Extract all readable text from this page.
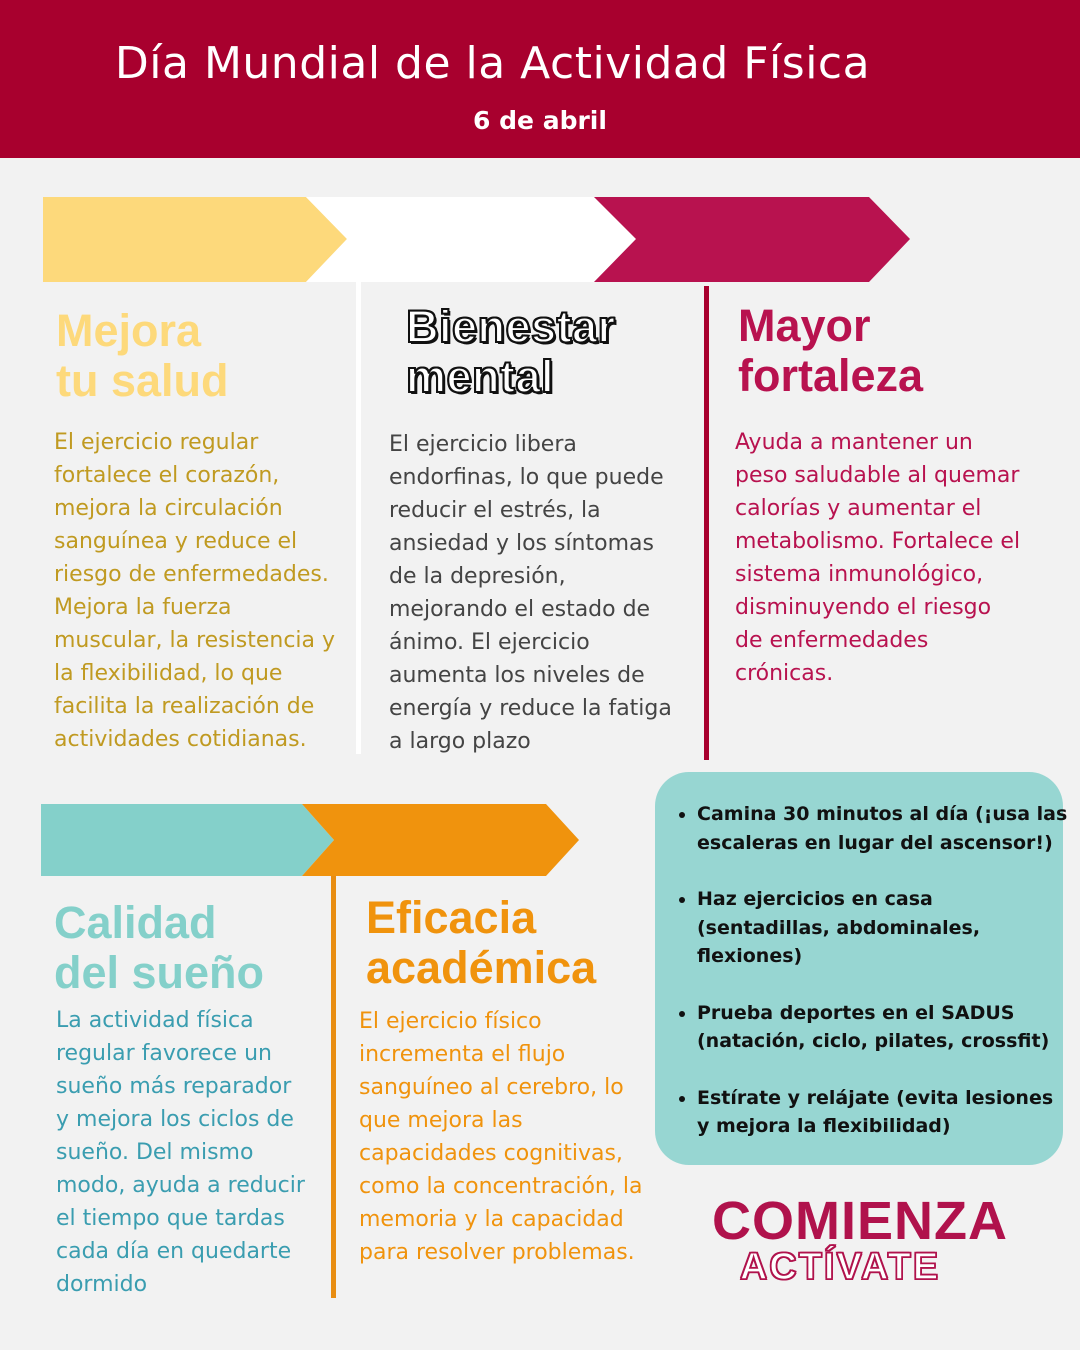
Día Mundial de la Actividad Física
6 de abril
Mejora
tu salud

El ejercicio regular fortalece el corazón, mejora la circulación sanguínea y reduce el riesgo de enfermedades. Mejora la fuerza muscular, la resistencia y la flexibilidad, lo que facilita la realización de actividades cotidianas.

Bienestar
mental

El ejercicio libera endorfinas, lo que puede reducir el estrés, la ansiedad y los síntomas de la depresión, mejorando el estado de ánimo. El ejercicio aumenta los niveles de energía y reduce la fatiga a largo plazo

Mayor
fortaleza

Ayuda a mantener un peso saludable al quemar calorías y aumentar el metabolismo. Fortalece el sistema inmunológico, disminuyendo el riesgo de enfermedades crónicas.

Calidad
del sueño

La actividad física regular favorece un sueño más reparador y mejora los ciclos de sueño. Del mismo modo, ayuda a reducir el tiempo que tardas cada día en quedarte dormido

Eficacia
académica

El ejercicio físico incrementa el flujo sanguíneo al cerebro, lo que mejora las capacidades cognitivas, como la concentración, la memoria y la capacidad para resolver problemas.

• Camina 30 minutos al día (¡usa las escaleras en lugar del ascensor!)
• Haz ejercicios en casa (sentadillas, abdominales, flexiones)
• Prueba deportes en el SADUS (natación, ciclo, pilates, crossfit)
• Estírate y relájate (evita lesiones y mejora la flexibilidad)
COMIENZA
ACTÍVATE
